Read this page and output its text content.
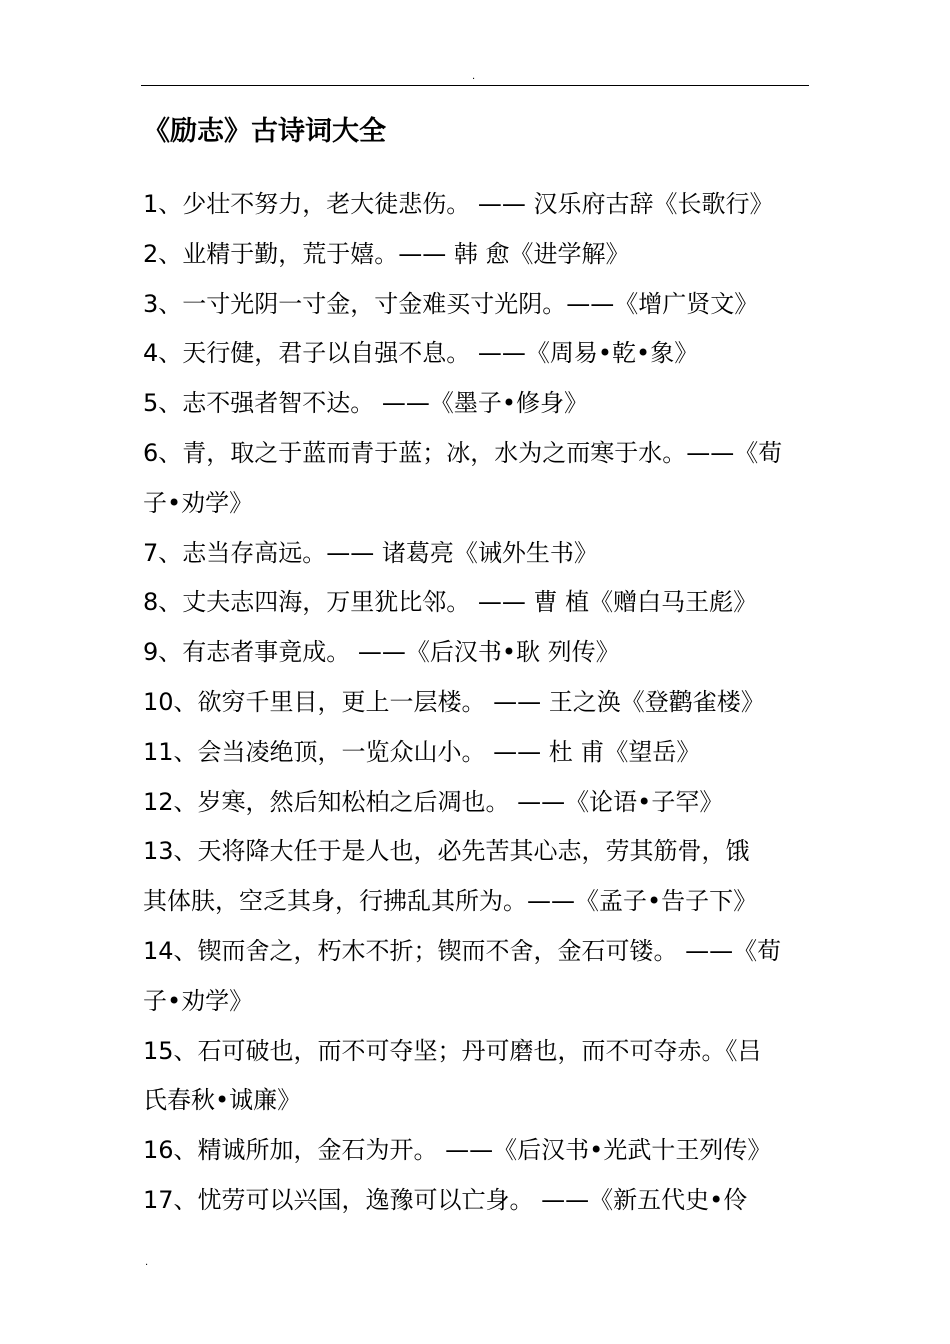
.
《励志》古诗词大全
1、少壮不努力，老大徒悲伤。 —— 汉乐府古辞《长歌行》
2、业精于勤，荒于嬉。—— 韩 愈《进学解》
3、一寸光阴一寸金，寸金难买寸光阴。——《增广贤文》
4、天行健，君子以自强不息。 ——《周易•乾•象》
5、志不强者智不达。 ——《墨子•修身》
6、青，取之于蓝而青于蓝；冰，水为之而寒于水。——《荀
子•劝学》
7、志当存高远。—— 诸葛亮《诫外生书》
8、丈夫志四海，万里犹比邻。 —— 曹 植《赠白马王彪》
9、有志者事竟成。 ——《后汉书•耿 列传》
10、欲穷千里目，更上一层楼。 —— 王之涣《登鹳雀楼》
11、会当凌绝顶，一览众山小。 —— 杜 甫《望岳》
12、岁寒，然后知松柏之后凋也。 ——《论语•子罕》
13、天将降大任于是人也，必先苦其心志，劳其筋骨，饿
其体肤，空乏其身，行拂乱其所为。——《孟子•告子下》
14、锲而舍之，朽木不折；锲而不舍，金石可镂。 ——《荀
子•劝学》
15、石可破也，而不可夺坚；丹可磨也，而不可夺赤。《吕
氏春秋•诚廉》
16、精诚所加，金石为开。 ——《后汉书•光武十王列传》
17、忧劳可以兴国，逸豫可以亡身。 ——《新五代史•伶
.
